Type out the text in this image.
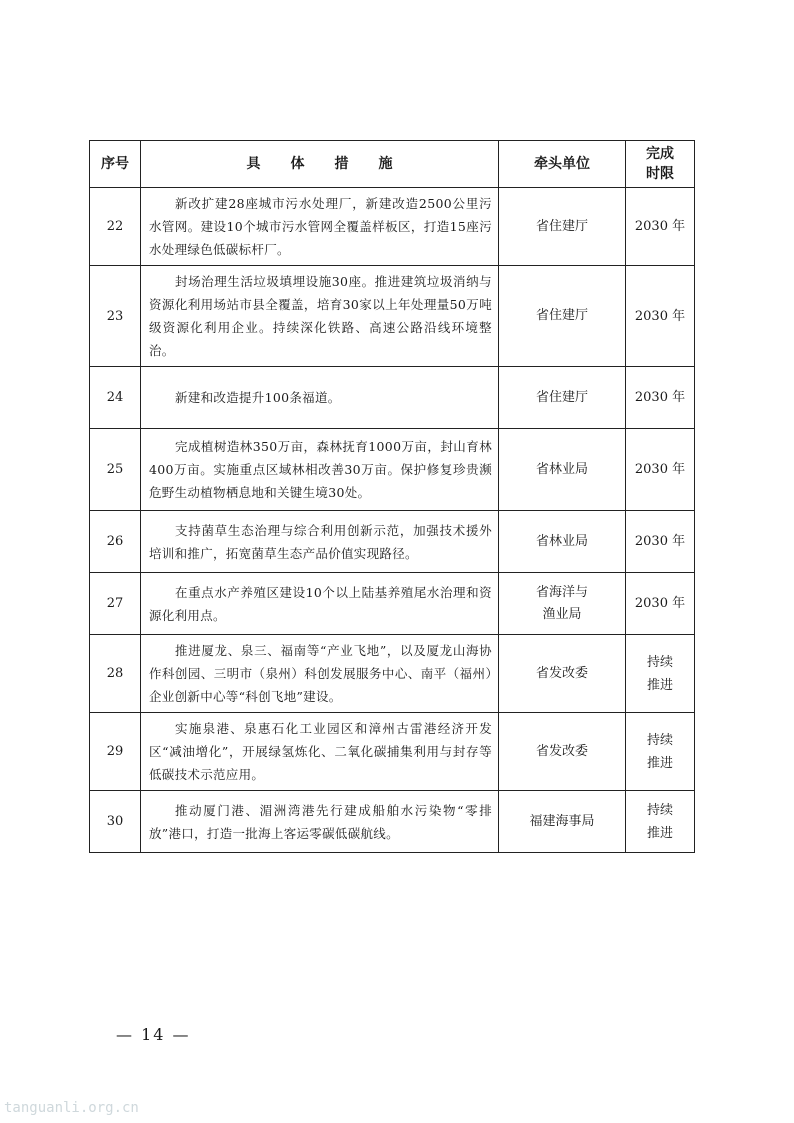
序号	具体措施	牵头单位	完成
时限

22	新改扩建28座城市污水处理厂，新建改造2500公里污水管网。建设10个城市污水管网全覆盖样板区，打造15座污水处理绿色低碳标杆厂。	省住建厅	2030 年

23	封场治理生活垃圾填埋设施30座。推进建筑垃圾消纳与资源化利用场站市县全覆盖，培育30家以上年处理量50万吨级资源化利用企业。持续深化铁路、高速公路沿线环境整治。	省住建厅	2030 年

24	新建和改造提升100条福道。	省住建厅	2030 年

25	完成植树造林350万亩，森林抚育1000万亩，封山育林400万亩。实施重点区域林相改善30万亩。保护修复珍贵濒危野生动植物栖息地和关键生境30处。	省林业局	2030 年

26	支持菌草生态治理与综合利用创新示范，加强技术援外培训和推广，拓宽菌草生态产品价值实现路径。	省林业局	2030 年

27	在重点水产养殖区建设10个以上陆基养殖尾水治理和资源化利用点。	省海洋与
渔业局	2030 年

28	推进厦龙、泉三、福南等“产业飞地”，以及厦龙山海协作科创园、三明市（泉州）科创发展服务中心、南平（福州）企业创新中心等“科创飞地”建设。	省发改委	持续
推进

29	实施泉港、泉惠石化工业园区和漳州古雷港经济开发区“减油增化”，开展绿氢炼化、二氧化碳捕集利用与封存等低碳技术示范应用。	省发改委	持续
推进

30	推动厦门港、湄洲湾港先行建成船舶水污染物“零排放”港口，打造一批海上客运零碳低碳航线。	福建海事局	持续
推进
— 14 —
tanguanli.org.cn
